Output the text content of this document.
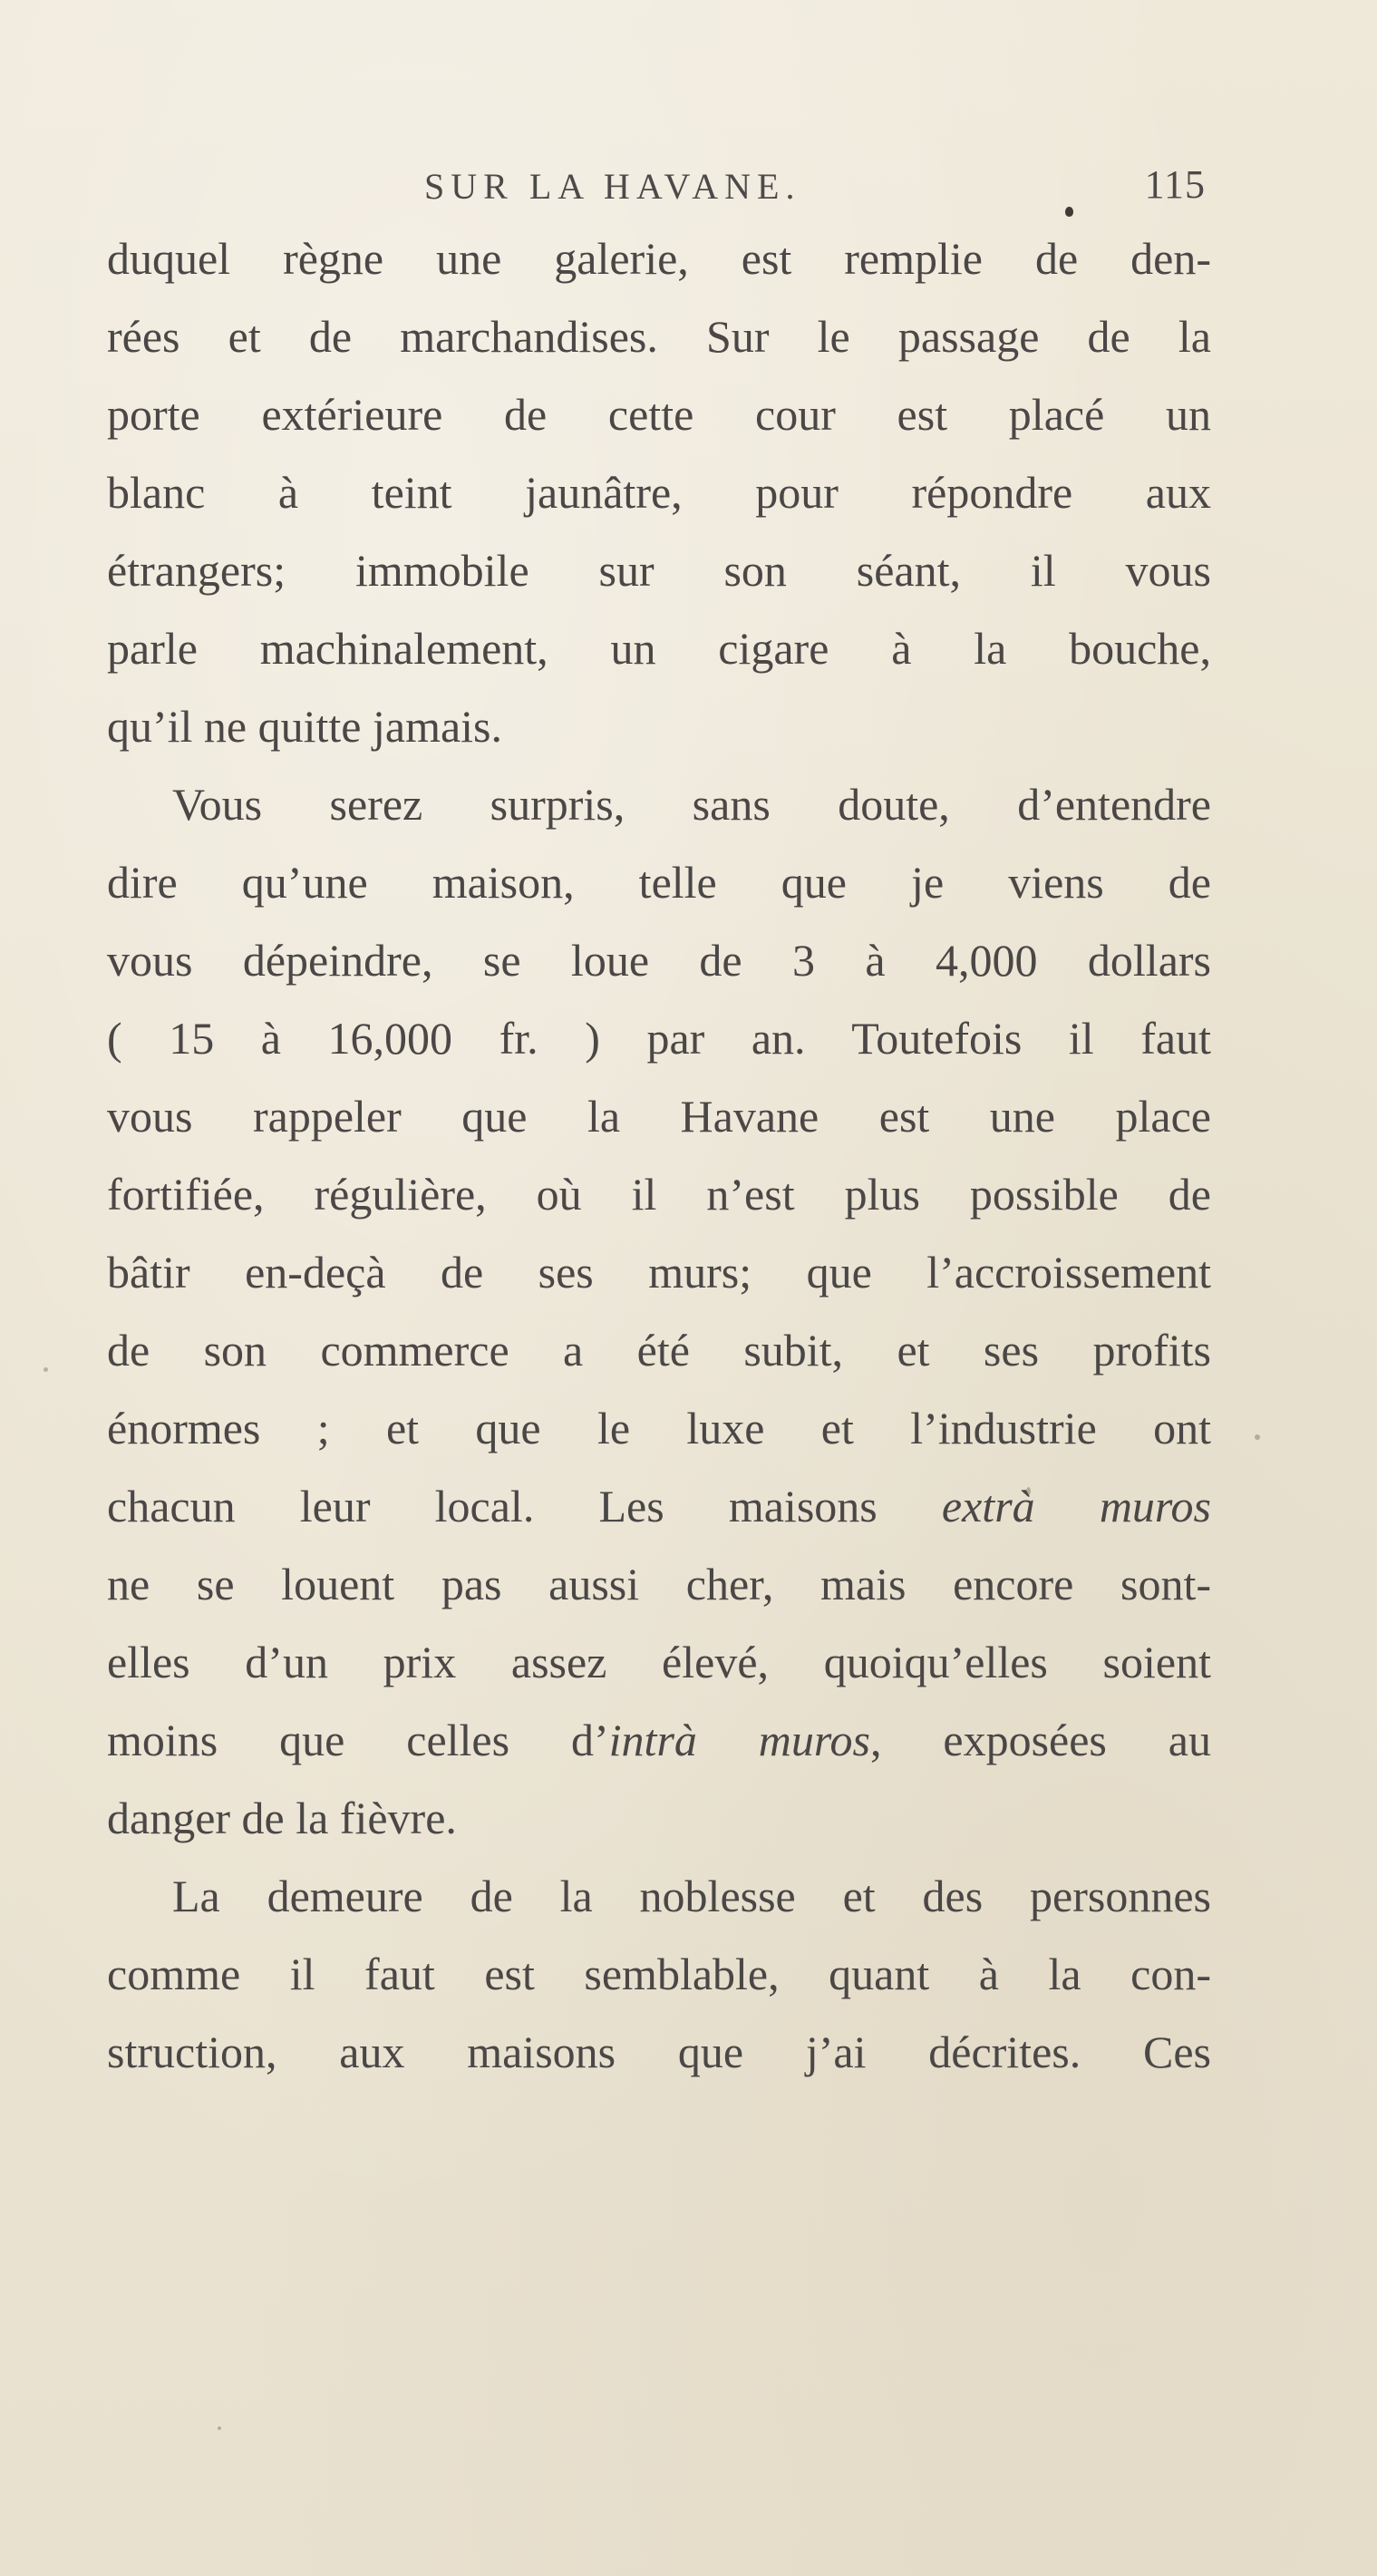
SUR LA HAVANE.	115
duquel règne une galerie, est remplie de den-
rées et de marchandises. Sur le passage de la
porte extérieure de cette cour est placé un
blanc à teint jaunâtre, pour répondre aux
étrangers; immobile sur son séant, il vous
parle machinalement, un cigare à la bouche,
qu’il ne quitte jamais.
Vous serez surpris, sans doute, d’entendre
dire qu’une maison, telle que je viens de
vous dépeindre, se loue de 3 à 4,000 dollars
( 15 à 16,000 fr. ) par an. Toutefois il faut
vous rappeler que la Havane est une place
fortifiée, régulière, où il n’est plus possible de
bâtir en-deçà de ses murs; que l’accroissement
de son commerce a été subit, et ses profits
énormes ; et que le luxe et l’industrie ont
chacun leur local. Les maisons extrà muros
ne se louent pas aussi cher, mais encore sont-
elles d’un prix assez élevé, quoiqu’elles soient
moins que celles d’intrà muros, exposées au
danger de la fièvre.
La demeure de la noblesse et des personnes
comme il faut est semblable, quant à la con-
struction, aux maisons que j’ai décrites. Ces
